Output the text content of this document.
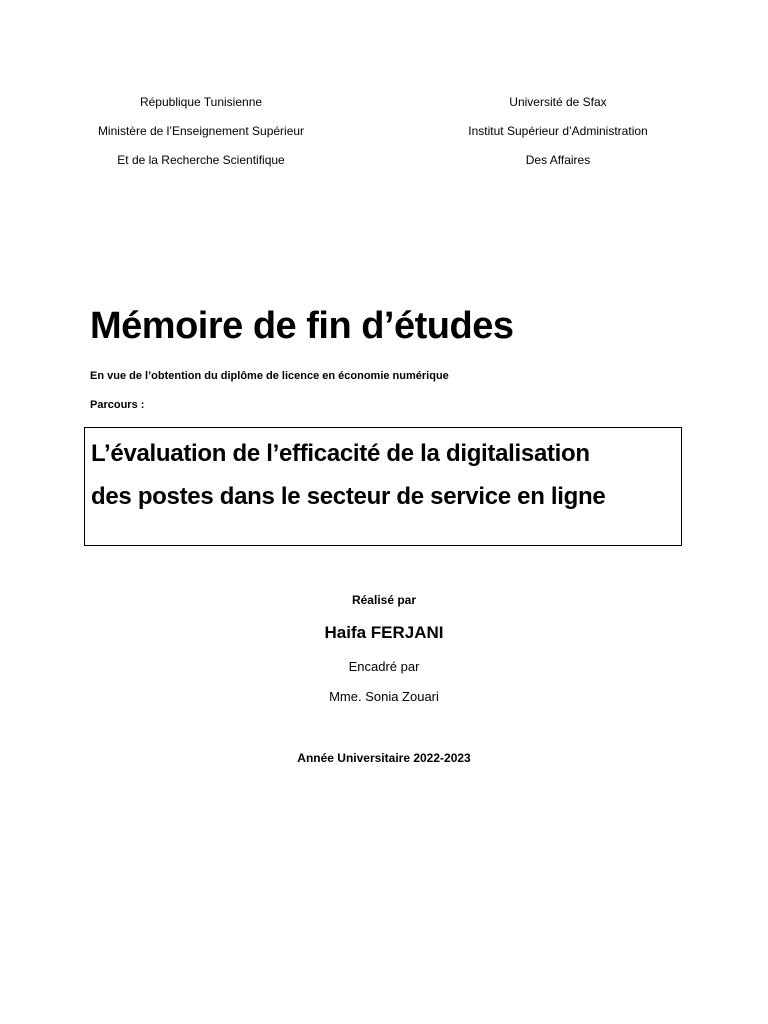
République Tunisienne
Ministère de l’Enseignement Supérieur
Et de la Recherche Scientifique
Université de Sfax
Institut Supérieur d’Administration
Des Affaires
Mémoire de fin d’études
En vue de l’obtention du diplôme de licence en économie numérique
Parcours :
L’évaluation de l’efficacité de la digitalisation
des postes dans le secteur de service en ligne
Réalisé par
Haifa FERJANI
Encadré par
Mme. Sonia Zouari
Année Universitaire 2022-2023
